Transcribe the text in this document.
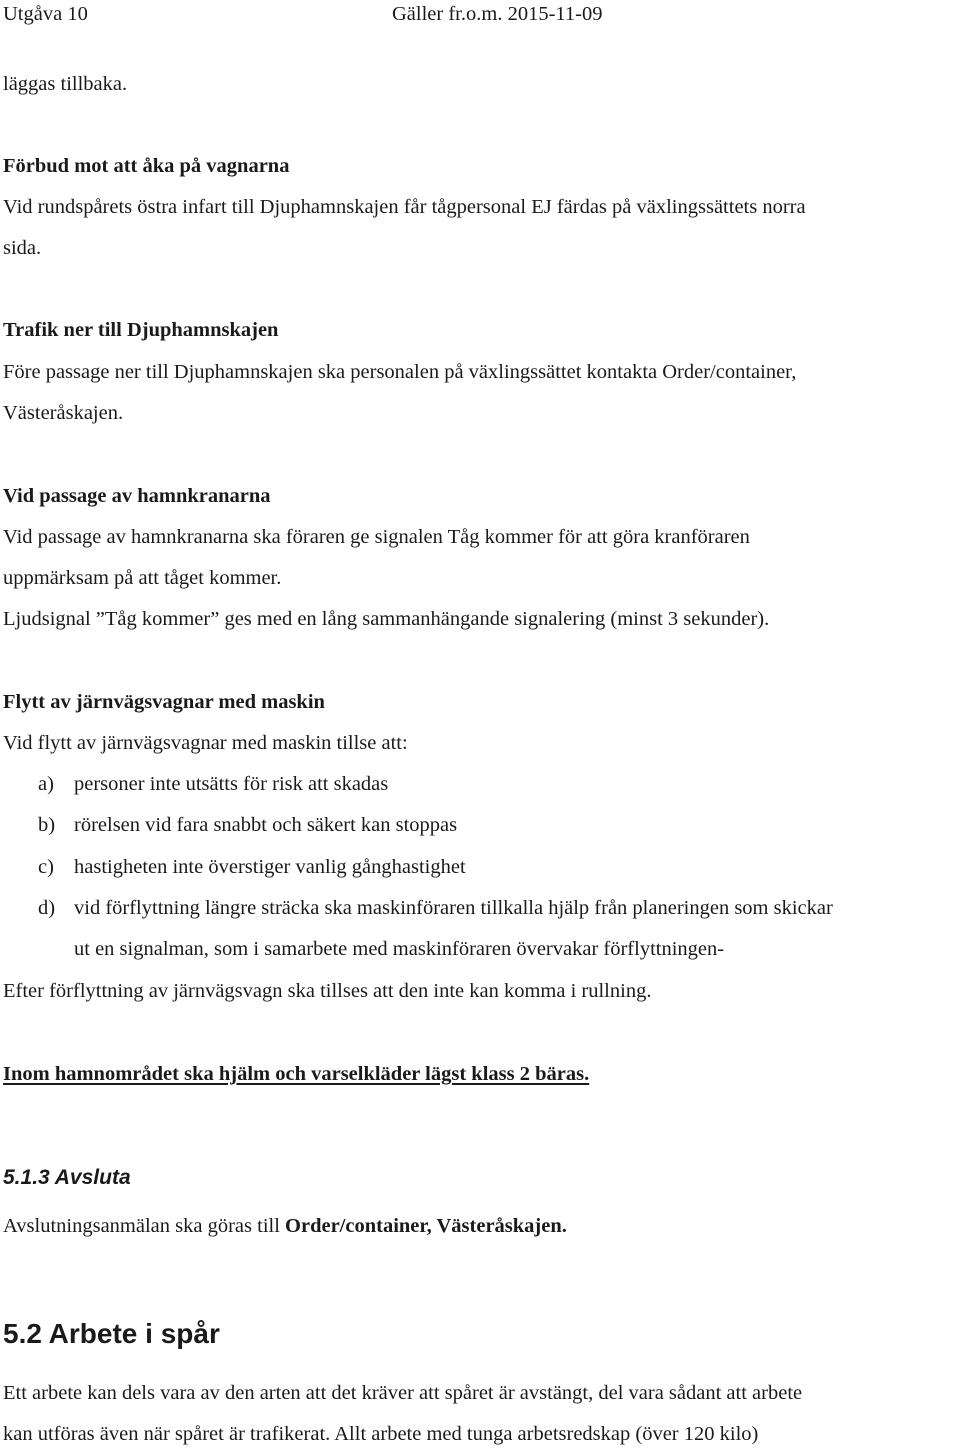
Utgåva 10	Gäller fr.o.m. 2015-11-09
läggas tillbaka.
Förbud mot att åka på vagnarna
Vid rundspårets östra infart till Djuphamnskajen får tågpersonal EJ färdas på växlingssättets norra
sida.
Trafik ner till Djuphamnskajen
Före passage ner till Djuphamnskajen ska personalen på växlingssättet kontakta Order/container,
Västeråskajen.
Vid passage av hamnkranarna
Vid passage av hamnkranarna ska föraren ge signalen Tåg kommer för att göra kranföraren
uppmärksam på att tåget kommer.
Ljudsignal ”Tåg kommer” ges med en lång sammanhängande signalering (minst 3 sekunder).
Flytt av järnvägsvagnar med maskin
Vid flytt av järnvägsvagnar med maskin tillse att:
a) personer inte utsätts för risk att skadas
b) rörelsen vid fara snabbt och säkert kan stoppas
c) hastigheten inte överstiger vanlig gånghastighet
d) vid förflyttning längre sträcka ska maskinföraren tillkalla hjälp från planeringen som skickar
ut en signalman, som i samarbete med maskinföraren övervakar förflyttningen-
Efter förflyttning av järnvägsvagn ska tillses att den inte kan komma i rullning.
Inom hamnområdet ska hjälm och varselkläder lägst klass 2 bäras.
5.1.3 Avsluta
Avslutningsanmälan ska göras till Order/container, Västeråskajen.
5.2 Arbete i spår
Ett arbete kan dels vara av den arten att det kräver att spåret är avstängt, del vara sådant att arbete
kan utföras även när spåret är trafikerat. Allt arbete med tunga arbetsredskap (över 120 kilo)
